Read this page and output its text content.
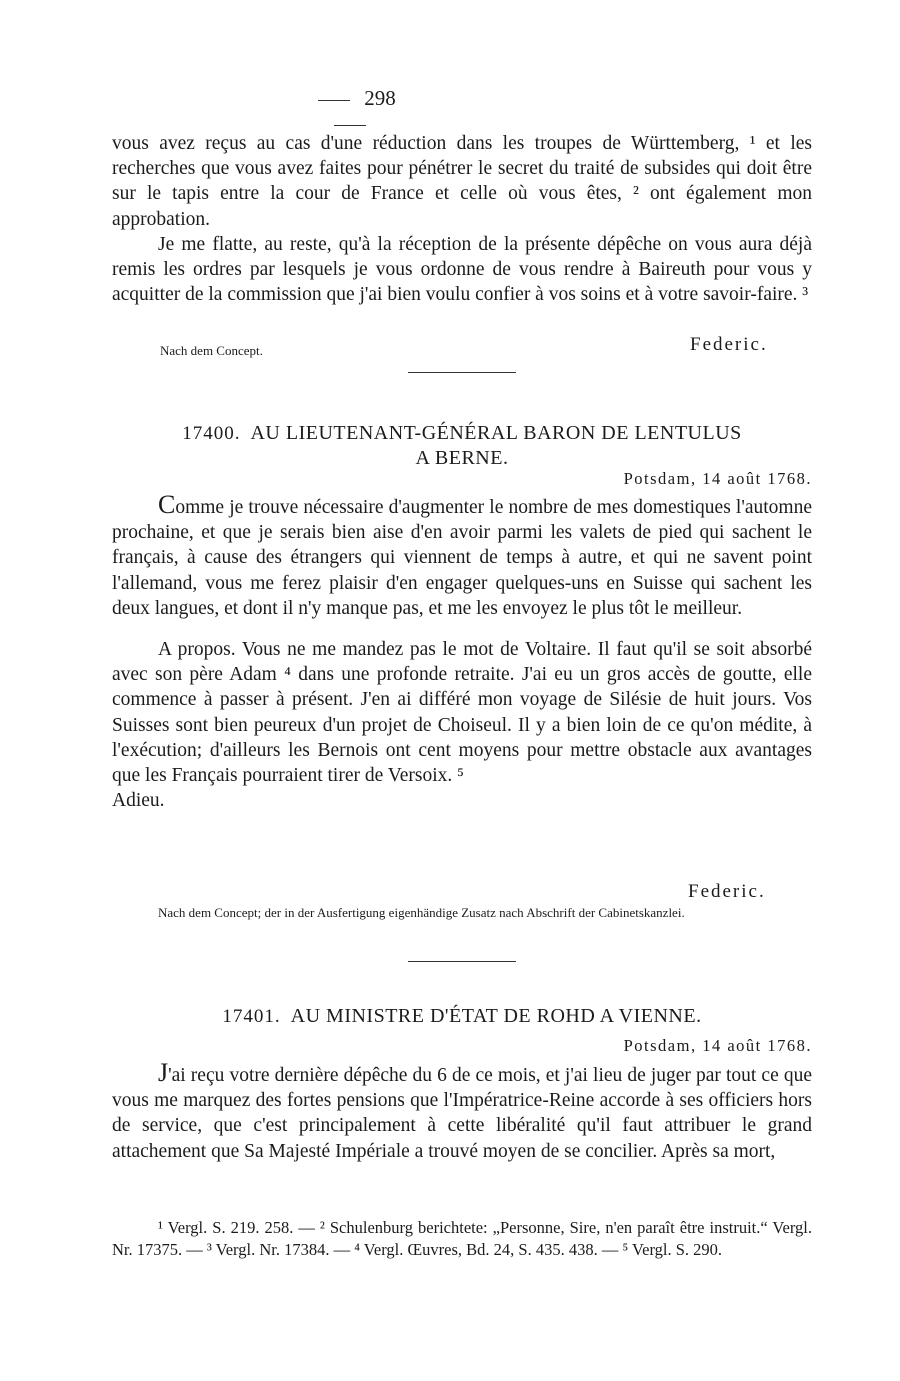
298

vous avez reçus au cas d'une réduction dans les troupes de Württemberg, ¹ et les recherches que vous avez faites pour pénétrer le secret du traité de subsides qui doit être sur le tapis entre la cour de France et celle où vous êtes, ² ont également mon approbation.

Je me flatte, au reste, qu'à la réception de la présente dépêche on vous aura déjà remis les ordres par lesquels je vous ordonne de vous rendre à Baireuth pour vous y acquitter de la commission que j'ai bien voulu confier à vos soins et à votre savoir-faire. ³

Nach dem Concept.	Federic.
17400. AU LIEUTENANT-GÉNÉRAL BARON DE LENTULUS
A BERNE.
Potsdam, 14 août 1768.

Comme je trouve nécessaire d'augmenter le nombre de mes domestiques l'automne prochaine, et que je serais bien aise d'en avoir parmi les valets de pied qui sachent le français, à cause des étrangers qui viennent de temps à autre, et qui ne savent point l'allemand, vous me ferez plaisir d'en engager quelques-uns en Suisse qui sachent les deux langues, et dont il n'y manque pas, et me les envoyez le plus tôt le meilleur.

A propos. Vous ne me mandez pas le mot de Voltaire. Il faut qu'il se soit absorbé avec son père Adam ⁴ dans une profonde retraite. J'ai eu un gros accès de goutte, elle commence à passer à présent. J'en ai différé mon voyage de Silésie de huit jours. Vos Suisses sont bien peureux d'un projet de Choiseul. Il y a bien loin de ce qu'on médite, à l'exécution; d'ailleurs les Bernois ont cent moyens pour mettre obstacle aux avantages que les Français pourraient tirer de Versoix. ⁵

Adieu.

Federic.
Nach dem Concept; der in der Ausfertigung eigenhändige Zusatz nach Abschrift der Cabinetskanzlei.
17401. AU MINISTRE D'ÉTAT DE ROHD A VIENNE.
Potsdam, 14 août 1768.

J'ai reçu votre dernière dépêche du 6 de ce mois, et j'ai lieu de juger par tout ce que vous me marquez des fortes pensions que l'Impératrice-Reine accorde à ses officiers hors de service, que c'est principalement à cette libéralité qu'il faut attribuer le grand attachement que Sa Majesté Impériale a trouvé moyen de se concilier. Après sa mort,

¹ Vergl. S. 219. 258. — ² Schulenburg berichtete: „Personne, Sire, n'en paraît être instruit.“ Vergl. Nr. 17375. — ³ Vergl. Nr. 17384. — ⁴ Vergl. Œuvres, Bd. 24, S. 435. 438. — ⁵ Vergl. S. 290.
